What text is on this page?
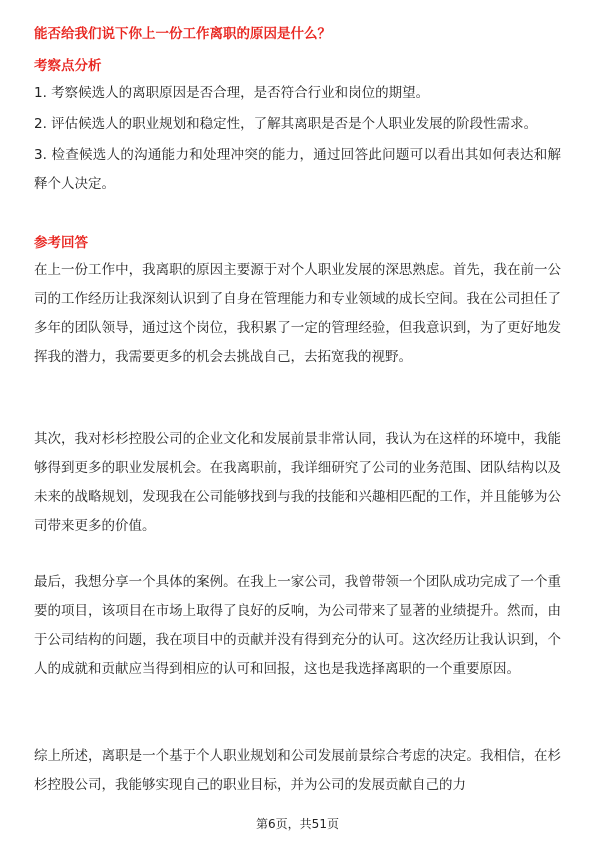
能否给我们说下你上一份工作离职的原因是什么？
考察点分析
1. 考察候选人的离职原因是否合理，是否符合行业和岗位的期望。
2. 评估候选人的职业规划和稳定性，了解其离职是否是个人职业发展的阶段性需求。
3. 检查候选人的沟通能力和处理冲突的能力，通过回答此问题可以看出其如何表达和解释个人决定。
参考回答

在上一份工作中，我离职的原因主要源于对个人职业发展的深思熟虑。首先，我在前一公司的工作经历让我深刻认识到了自身在管理能力和专业领域的成长空间。我在公司担任了多年的团队领导，通过这个岗位，我积累了一定的管理经验，但我意识到，为了更好地发挥我的潜力，我需要更多的机会去挑战自己，去拓宽我的视野。

其次，我对杉杉控股公司的企业文化和发展前景非常认同，我认为在这样的环境中，我能够得到更多的职业发展机会。在我离职前，我详细研究了公司的业务范围、团队结构以及未来的战略规划，发现我在公司能够找到与我的技能和兴趣相匹配的工作，并且能够为公司带来更多的价值。

最后，我想分享一个具体的案例。在我上一家公司，我曾带领一个团队成功完成了一个重要的项目，该项目在市场上取得了良好的反响，为公司带来了显著的业绩提升。然而，由于公司结构的问题，我在项目中的贡献并没有得到充分的认可。这次经历让我认识到，个人的成就和贡献应当得到相应的认可和回报，这也是我选择离职的一个重要原因。

综上所述，离职是一个基于个人职业规划和公司发展前景综合考虑的决定。我相信，在杉杉控股公司，我能够实现自己的职业目标，并为公司的发展贡献自己的力

第6页，共51页
